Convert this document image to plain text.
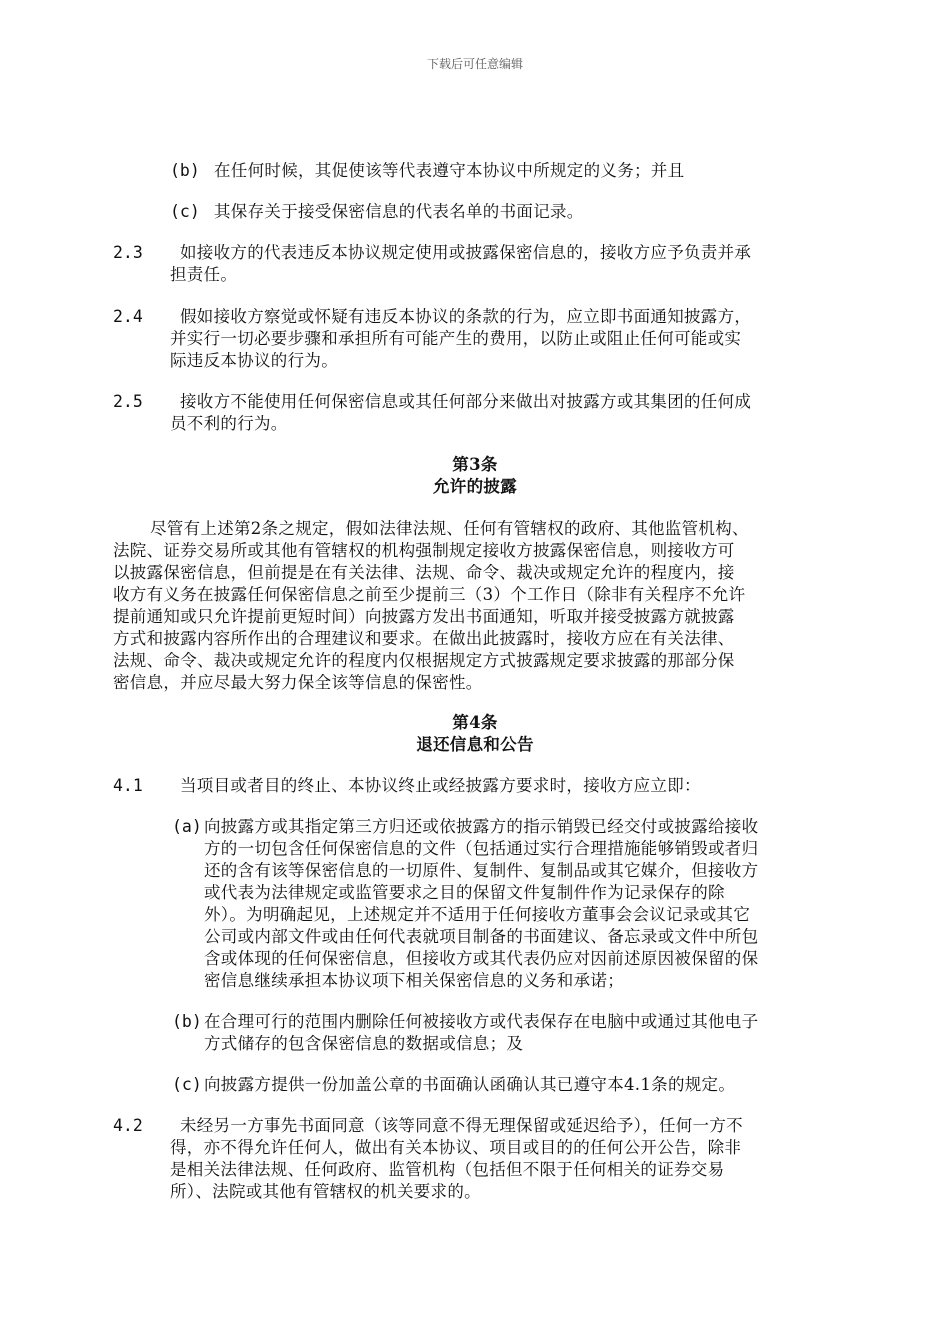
下载后可任意编辑
(b) 在任何时候，其促使该等代表遵守本协议中所规定的义务；并且
(c) 其保存关于接受保密信息的代表名单的书面记录。
2.3 如接收方的代表违反本协议规定使用或披露保密信息的，接收方应予负责并承
担责任。
2.4 假如接收方察觉或怀疑有违反本协议的条款的行为，应立即书面通知披露方，
并实行一切必要步骤和承担所有可能产生的费用，以防止或阻止任何可能或实
际违反本协议的行为。
2.5 接收方不能使用任何保密信息或其任何部分来做出对披露方或其集团的任何成
员不利的行为。
第3条
允许的披露
尽管有上述第2条之规定，假如法律法规、任何有管辖权的政府、其他监管机构、
法院、证券交易所或其他有管辖权的机构强制规定接收方披露保密信息，则接收方可
以披露保密信息，但前提是在有关法律、法规、命令、裁决或规定允许的程度内，接
收方有义务在披露任何保密信息之前至少提前三（3）个工作日（除非有关程序不允许
提前通知或只允许提前更短时间）向披露方发出书面通知，听取并接受披露方就披露
方式和披露内容所作出的合理建议和要求。在做出此披露时，接收方应在有关法律、
法规、命令、裁决或规定允许的程度内仅根据规定方式披露规定要求披露的那部分保
密信息，并应尽最大努力保全该等信息的保密性。
第4条
退还信息和公告
4.1 当项目或者目的终止、本协议终止或经披露方要求时，接收方应立即：
(a) 向披露方或其指定第三方归还或依披露方的指示销毁已经交付或披露给接收
方的一切包含任何保密信息的文件（包括通过实行合理措施能够销毁或者归
还的含有该等保密信息的一切原件、复制件、复制品或其它媒介，但接收方
或代表为法律规定或监管要求之目的保留文件复制件作为记录保存的除
外）。为明确起见，上述规定并不适用于任何接收方董事会会议记录或其它
公司或内部文件或由任何代表就项目制备的书面建议、备忘录或文件中所包
含或体现的任何保密信息，但接收方或其代表仍应对因前述原因被保留的保
密信息继续承担本协议项下相关保密信息的义务和承诺；
(b) 在合理可行的范围内删除任何被接收方或代表保存在电脑中或通过其他电子
方式储存的包含保密信息的数据或信息；及
(c) 向披露方提供一份加盖公章的书面确认函确认其已遵守本4.1条的规定。
4.2 未经另一方事先书面同意（该等同意不得无理保留或延迟给予），任何一方不
得，亦不得允许任何人，做出有关本协议、项目或目的的任何公开公告，除非
是相关法律法规、任何政府、监管机构（包括但不限于任何相关的证券交易
所）、法院或其他有管辖权的机关要求的。
